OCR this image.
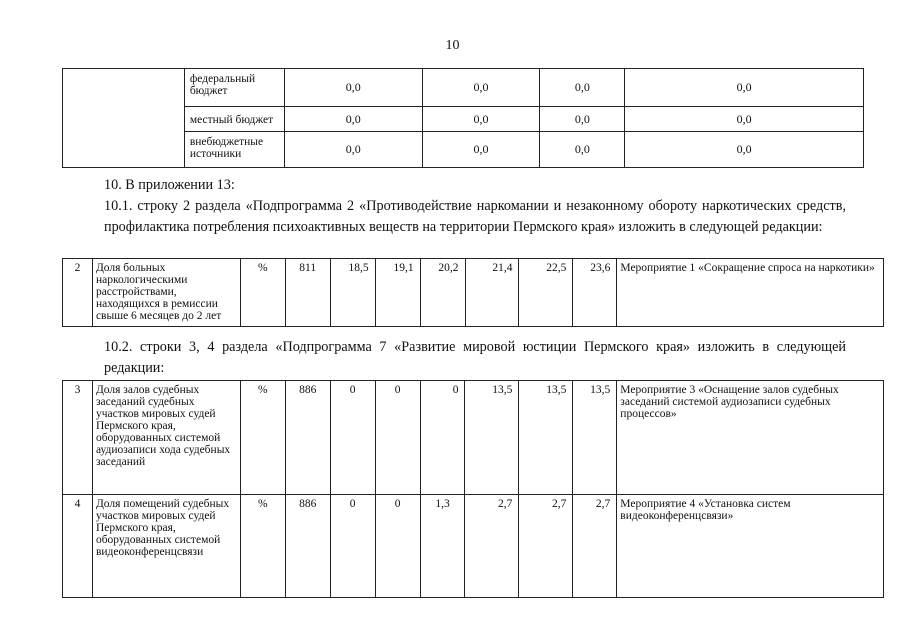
10
	федеральный бюджет	0,0	0,0	0,0	0,0
	местный бюджет	0,0	0,0	0,0	0,0
	внебюджетные источники	0,0	0,0	0,0	0,0
10. В приложении 13:
10.1. строку 2 раздела «Подпрограмма 2 «Противодействие наркомании и незаконному обороту наркотических средств, профилактика потребления психоактивных веществ на территории Пермского края» изложить в следующей редакции:
2	Доля больных наркологическими расстройствами, находящихся в ремиссии свыше 6 месяцев до 2 лет	%	811	18,5	19,1	20,2	21,4	22,5	23,6	Мероприятие 1 «Сокращение спроса на наркотики»
10.2. строки 3, 4 раздела «Подпрограмма 7 «Развитие мировой юстиции Пермского края» изложить в следующей редакции:
3	Доля залов судебных заседаний судебных участков мировых судей Пермского края, оборудованных системой аудиозаписи хода судебных заседаний	%	886	0	0	0	13,5	13,5	13,5	Мероприятие 3 «Оснащение залов судебных заседаний системой аудиозаписи судебных процессов»
4	Доля помещений судебных участков мировых судей Пермского края, оборудованных системой видеоконференцсвязи	%	886	0	0	1,3	2,7	2,7	2,7	Мероприятие 4 «Установка систем видеоконференцсвязи»
